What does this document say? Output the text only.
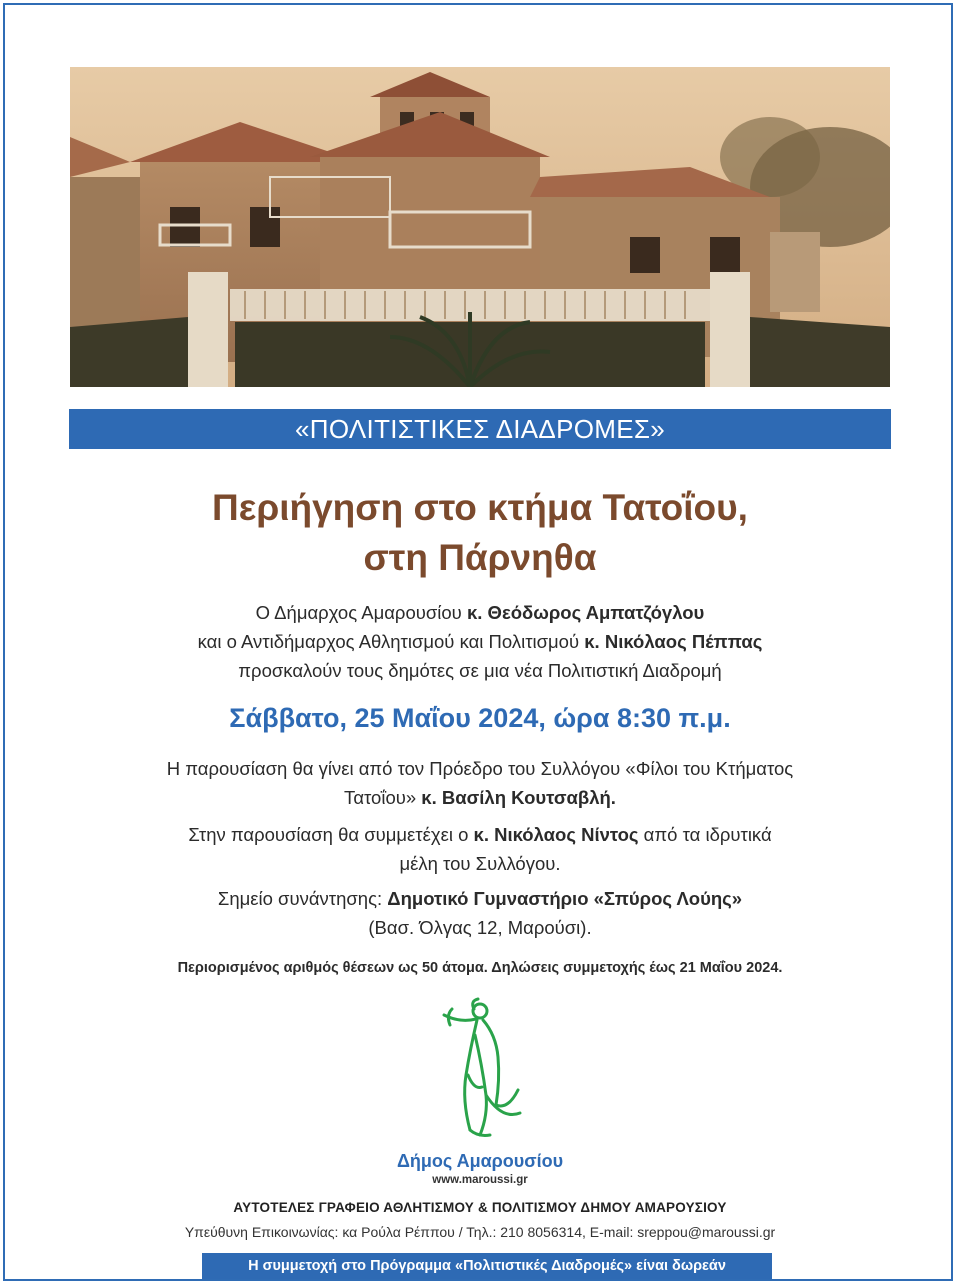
«ΠΟΛΙΤΙΣΤΙΚΕΣ ΔΙΑΔΡΟΜΕΣ»
Περιήγηση στο κτήμα Τατοΐου,
στη Πάρνηθα
Ο Δήμαρχος Αμαρουσίου κ. Θεόδωρος Αμπατζόγλου
και ο Αντιδήμαρχος Αθλητισμού και Πολιτισμού κ. Νικόλαος Πέππας
προσκαλούν τους δημότες σε μια νέα Πολιτιστική Διαδρομή
Σάββατο, 25 Μαΐου 2024, ώρα 8:30 π.μ.
Η παρουσίαση θα γίνει από τον Πρόεδρο του Συλλόγου «Φίλοι του Κτήματος
Τατοΐου» κ. Βασίλη Κουτσαβλή.
Στην παρουσίαση θα συμμετέχει ο κ. Νικόλαος Νίντος από τα ιδρυτικά
μέλη του Συλλόγου.
Σημείο συνάντησης: Δημοτικό Γυμναστήριο «Σπύρος Λούης»
(Βασ. Όλγας 12, Μαρούσι).
Περιορισμένος αριθμός θέσεων ως 50 άτομα. Δηλώσεις συμμετοχής έως 21 Μαΐου 2024.
Δήμος Αμαρουσίου
www.maroussi.gr
ΑΥΤΟΤΕΛΕΣ ΓΡΑΦΕΙΟ ΑΘΛΗΤΙΣΜΟΥ & ΠΟΛΙΤΙΣΜΟΥ ΔΗΜΟΥ ΑΜΑΡΟΥΣΙΟΥ
Υπεύθυνη Επικοινωνίας: κα Ρούλα Ρέππου / Τηλ.: 210 8056314, E-mail: sreppou@maroussi.gr
Η συμμετοχή στο Πρόγραμμα «Πολιτιστικές Διαδρομές» είναι δωρεάν
